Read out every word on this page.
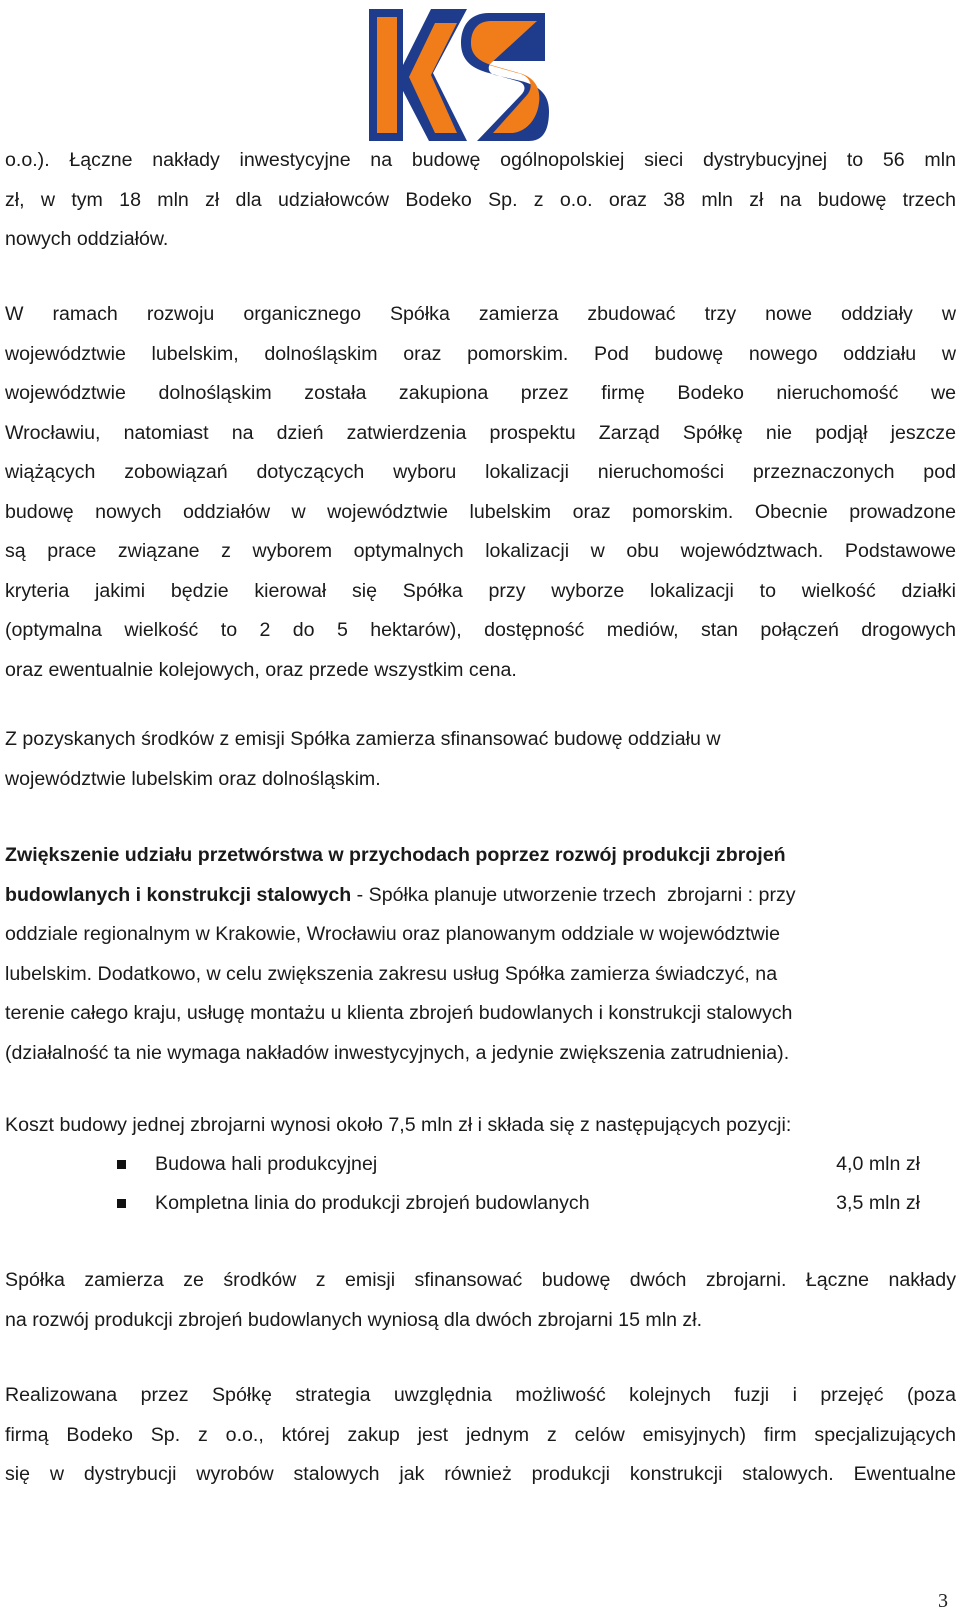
®
o.o.). Łączne nakłady inwestycyjne na budowę ogólnopolskiej sieci dystrybucyjnej to 56 mln
zł, w tym 18 mln zł dla udziałowców Bodeko Sp. z o.o. oraz 38 mln zł na budowę trzech
nowych oddziałów.
W ramach rozwoju organicznego Spółka zamierza zbudować trzy nowe oddziały w
województwie lubelskim, dolnośląskim oraz pomorskim. Pod budowę nowego oddziału w
województwie dolnośląskim została zakupiona przez firmę Bodeko nieruchomość we
Wrocławiu, natomiast na dzień zatwierdzenia prospektu Zarząd Spółkę nie podjął jeszcze
wiążących zobowiązań dotyczących wyboru lokalizacji nieruchomości przeznaczonych pod
budowę nowych oddziałów w województwie lubelskim oraz pomorskim. Obecnie prowadzone
są prace związane z wyborem optymalnych lokalizacji w obu województwach. Podstawowe
kryteria jakimi będzie kierował się Spółka przy wyborze lokalizacji to wielkość działki
(optymalna wielkość to 2 do 5 hektarów), dostępność mediów, stan połączeń drogowych
oraz ewentualnie kolejowych, oraz przede wszystkim cena.
Z pozyskanych środków z emisji Spółka zamierza sfinansować budowę oddziału w
województwie lubelskim oraz dolnośląskim.
Zwiększenie udziału przetwórstwa w przychodach poprzez rozwój produkcji zbrojeń
budowlanych i konstrukcji stalowych - Spółka planuje utworzenie trzech  zbrojarni : przy
oddziale regionalnym w Krakowie, Wrocławiu oraz planowanym oddziale w województwie
lubelskim. Dodatkowo, w celu zwiększenia zakresu usług Spółka zamierza świadczyć, na
terenie całego kraju, usługę montażu u klienta zbrojeń budowlanych i konstrukcji stalowych
(działalność ta nie wymaga nakładów inwestycyjnych, a jedynie zwiększenia zatrudnienia).
Koszt budowy jednej zbrojarni wynosi około 7,5 mln zł i składa się z następujących pozycji:
Budowa hali produkcyjnej	4,0 mln zł
Kompletna linia do produkcji zbrojeń budowlanych	3,5 mln zł
Spółka zamierza ze środków z emisji sfinansować budowę dwóch zbrojarni. Łączne nakłady
na rozwój produkcji zbrojeń budowlanych wyniosą dla dwóch zbrojarni 15 mln zł.
Realizowana przez Spółkę strategia uwzględnia możliwość kolejnych fuzji i przejęć (poza
firmą Bodeko Sp. z o.o., której zakup jest jednym z celów emisyjnych) firm specjalizujących
się w dystrybucji wyrobów stalowych jak również produkcji konstrukcji stalowych. Ewentualne
3
